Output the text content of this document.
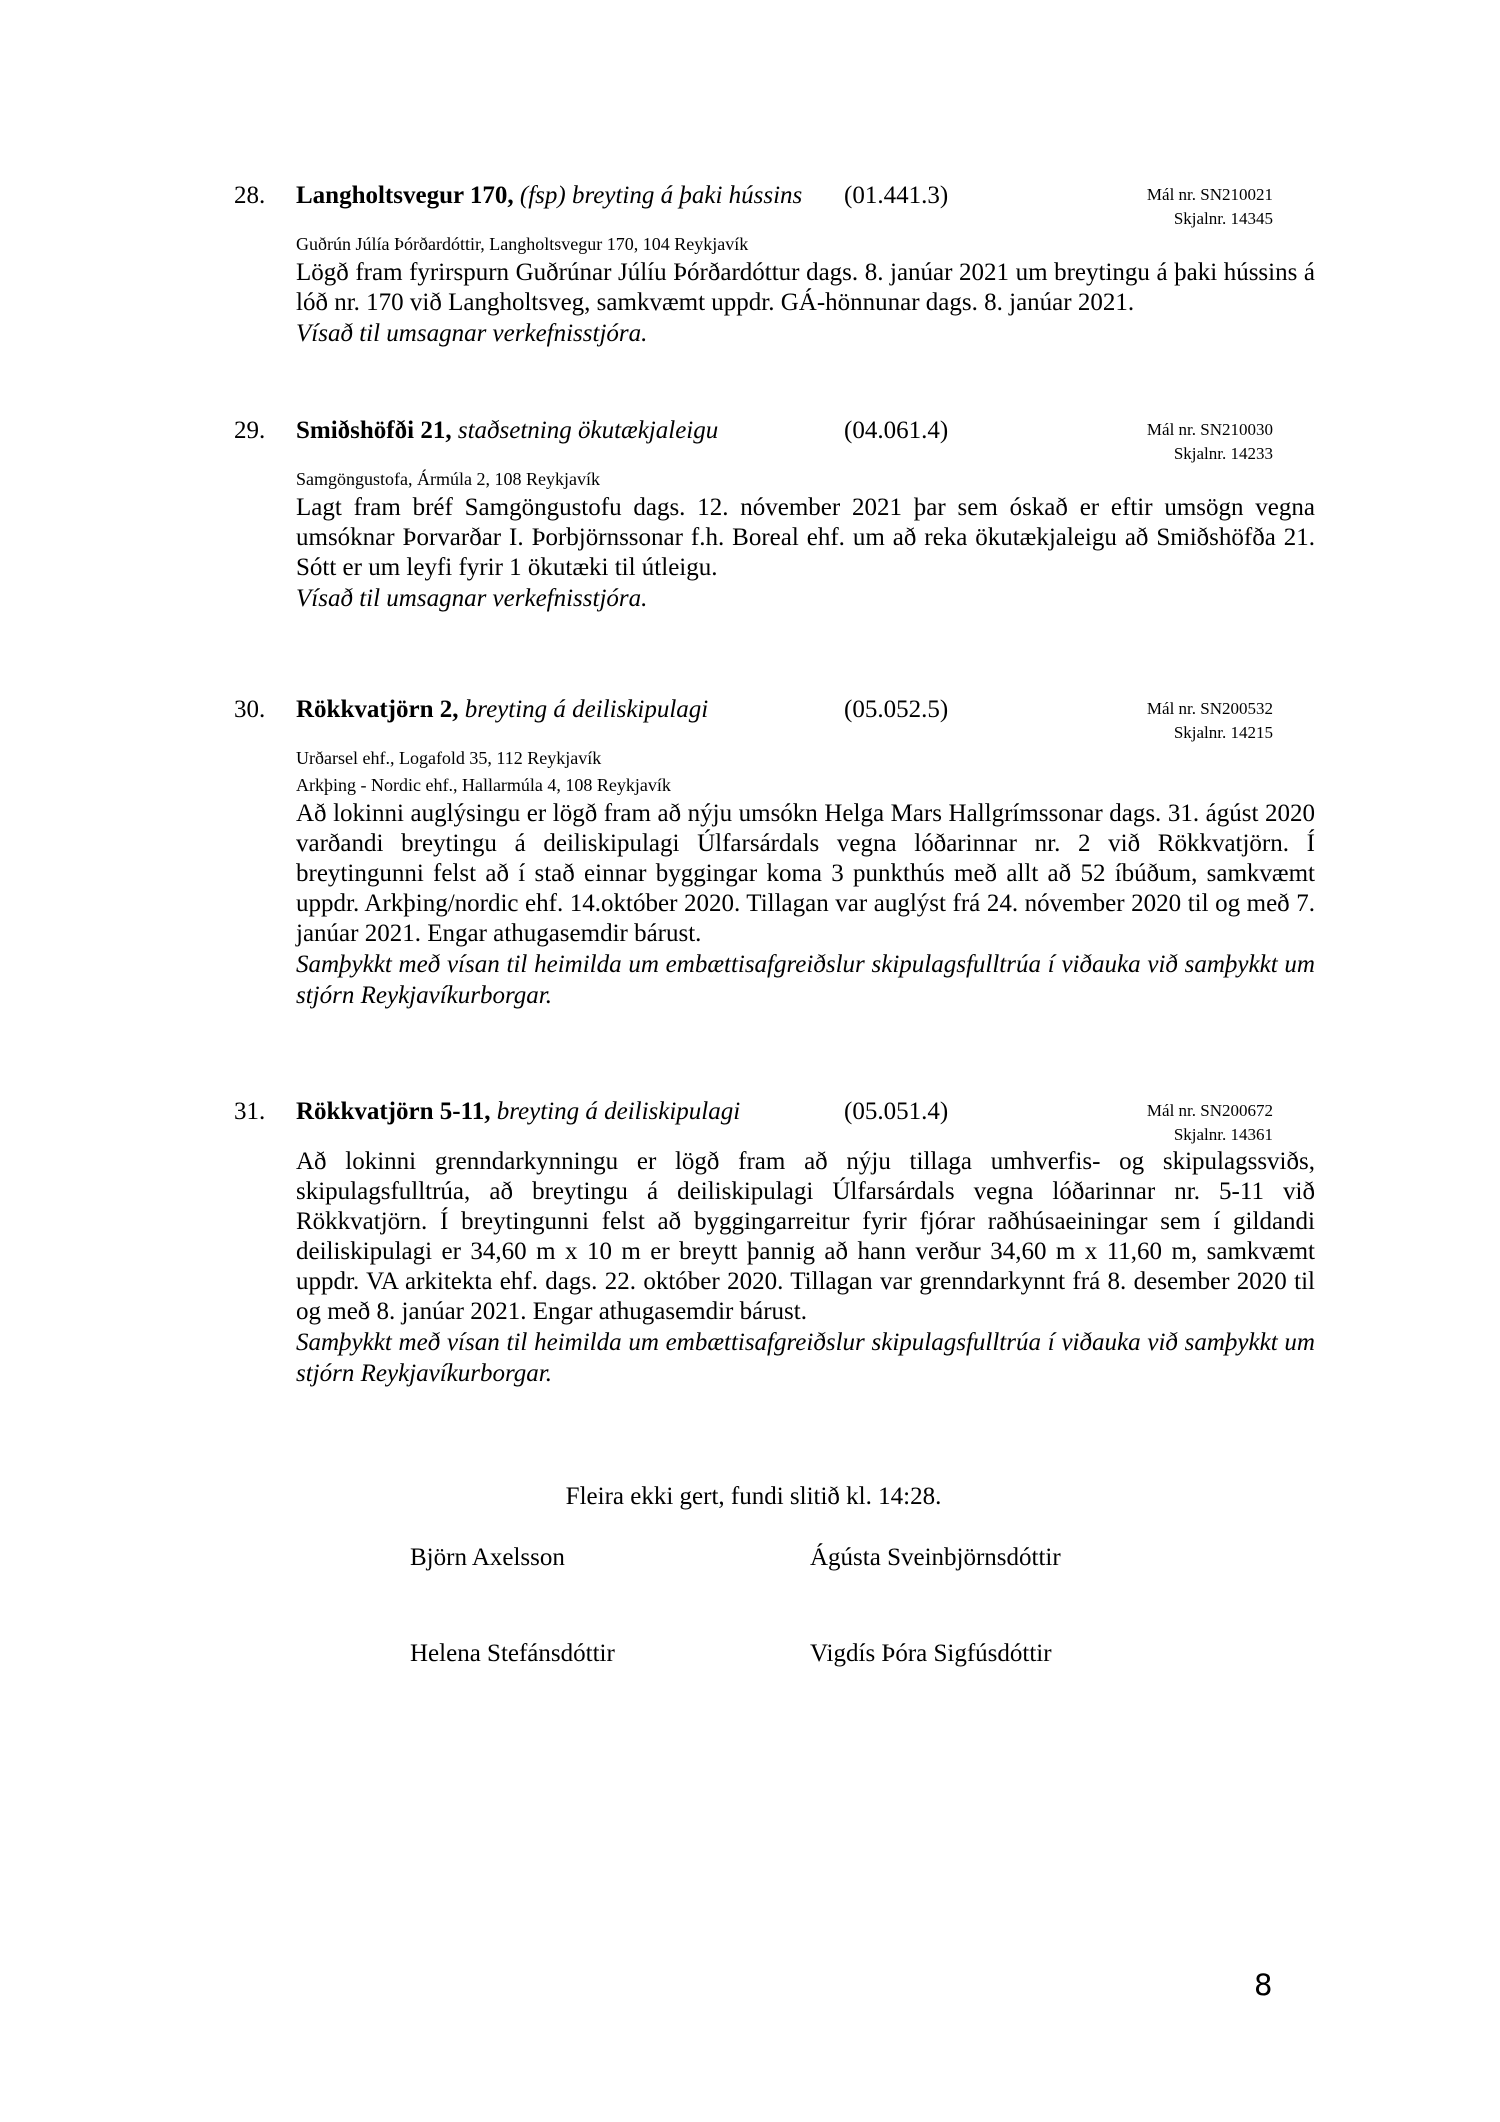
28.	Langholtsvegur 170, (fsp) breyting á þaki hússins	(01.441.3)	Mál nr. SN210021
Skjalnr. 14345
Guðrún Júlía Þórðardóttir, Langholtsvegur 170, 104 Reykjavík
Lögð fram fyrirspurn Guðrúnar Júlíu Þórðardóttur dags. 8. janúar 2021 um breytingu á þaki hússins á lóð nr. 170 við Langholtsveg, samkvæmt uppdr. GÁ-hönnunar dags. 8. janúar 2021.
Vísað til umsagnar verkefnisstjóra.
29.	Smiðshöfði 21, staðsetning ökutækjaleigu	(04.061.4)	Mál nr. SN210030
Skjalnr. 14233
Samgöngustofa, Ármúla 2, 108 Reykjavík
Lagt fram bréf Samgöngustofu dags. 12. nóvember 2021 þar sem óskað er eftir umsögn vegna umsóknar Þorvarðar I. Þorbjörnssonar f.h. Boreal ehf. um að reka ökutækjaleigu að Smiðshöfða 21. Sótt er um leyfi fyrir 1 ökutæki til útleigu.
Vísað til umsagnar verkefnisstjóra.
30.	Rökkvatjörn 2, breyting á deiliskipulagi	(05.052.5)	Mál nr. SN200532
Skjalnr. 14215
Urðarsel ehf., Logafold 35, 112 Reykjavík
Arkþing - Nordic ehf., Hallarmúla 4, 108 Reykjavík
Að lokinni auglýsingu er lögð fram að nýju umsókn Helga Mars Hallgrímssonar dags. 31. ágúst 2020 varðandi breytingu á deiliskipulagi Úlfarsárdals vegna lóðarinnar nr. 2 við Rökkvatjörn. Í breytingunni felst að í stað einnar byggingar koma 3 punkthús með allt að 52 íbúðum, samkvæmt uppdr. Arkþing/nordic ehf. 14.október 2020. Tillagan var auglýst frá 24. nóvember 2020 til og með 7. janúar 2021. Engar athugasemdir bárust.
Samþykkt með vísan til heimilda um embættisafgreiðslur skipulagsfulltrúa í viðauka við samþykkt um stjórn Reykjavíkurborgar.
31.	Rökkvatjörn 5-11, breyting á deiliskipulagi	(05.051.4)	Mál nr. SN200672
Skjalnr. 14361
Að lokinni grenndarkynningu er lögð fram að nýju tillaga umhverfis- og skipulagssviðs, skipulagsfulltrúa, að breytingu á deiliskipulagi Úlfarsárdals vegna lóðarinnar nr. 5-11 við Rökkvatjörn. Í breytingunni felst að byggingarreitur fyrir fjórar raðhúsaeiningar sem í gildandi deiliskipulagi er 34,60 m x 10 m er breytt þannig að hann verður 34,60 m x 11,60 m, samkvæmt uppdr. VA arkitekta ehf. dags. 22. október 2020. Tillagan var grenndarkynnt frá 8. desember 2020 til og með 8. janúar 2021. Engar athugasemdir bárust.
Samþykkt með vísan til heimilda um embættisafgreiðslur skipulagsfulltrúa í viðauka við samþykkt um stjórn Reykjavíkurborgar.
Fleira ekki gert, fundi slitið kl. 14:28.
Björn Axelsson	Ágústa Sveinbjörnsdóttir
Helena Stefánsdóttir	Vigdís Þóra Sigfúsdóttir
8
